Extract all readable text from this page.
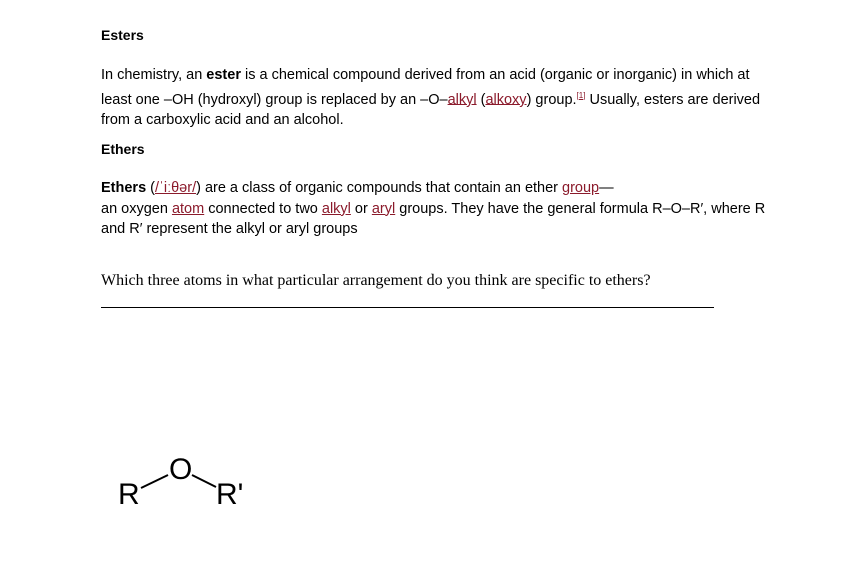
Esters
In chemistry, an ester is a chemical compound derived from an acid (organic or inorganic) in which at least one –OH (hydroxyl) group is replaced by an –O–alkyl (alkoxy) group.[1] Usually, esters are derived from a carboxylic acid and an alcohol.
Ethers
Ethers (/ˈiːθər/) are a class of organic compounds that contain an ether group—
an oxygen atom connected to two alkyl or aryl groups. They have the general formula R–O–R′, where R and R′ represent the alkyl or aryl groups
Which three atoms in what particular arrangement do you think are specific to ethers?
R
O
R'
